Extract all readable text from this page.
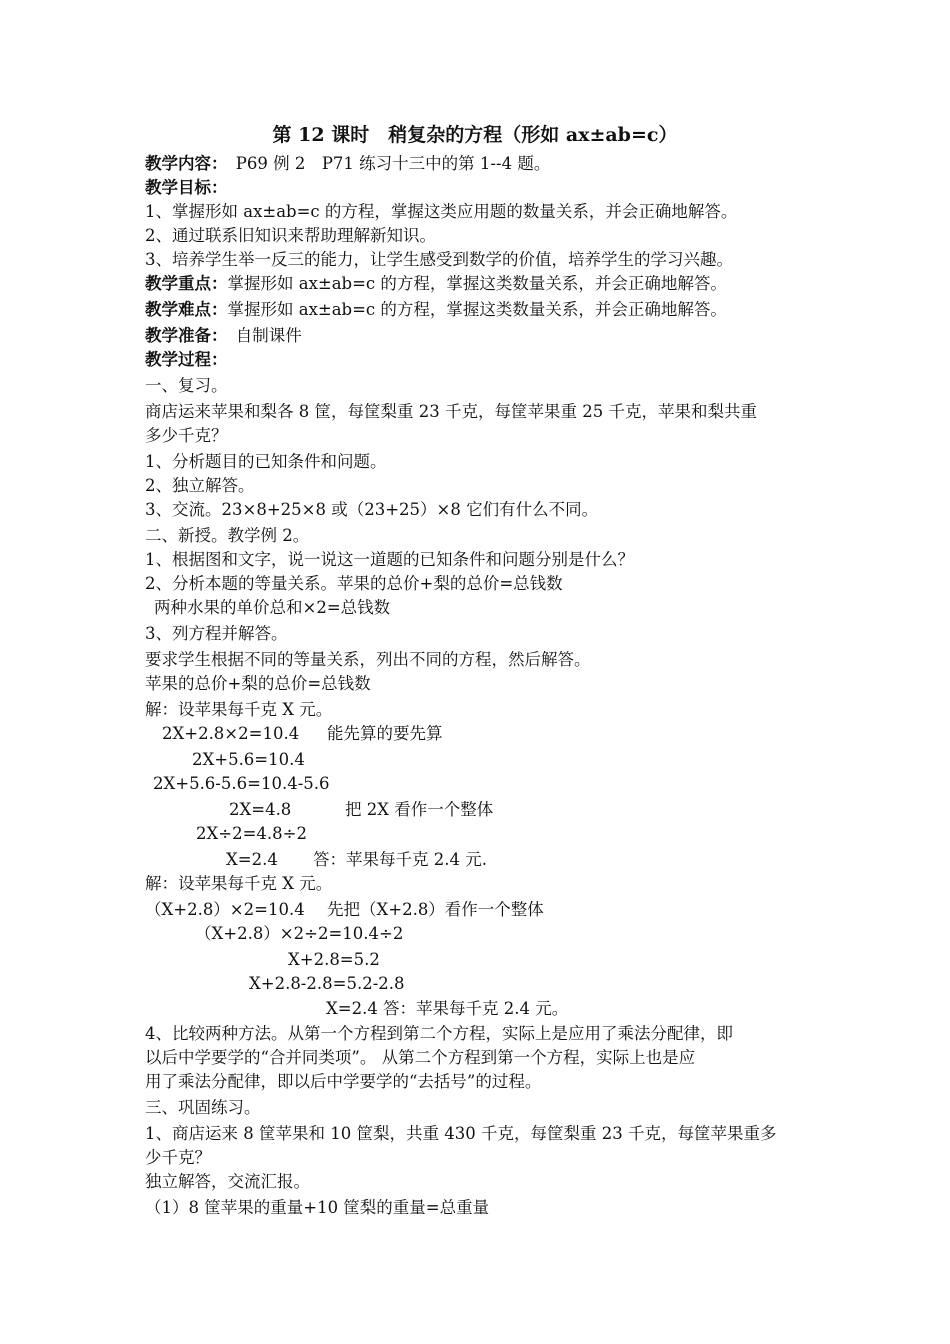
第 12 课时　稍复杂的方程（形如 ax±ab=c）
教学内容：　P69 例 2　P71 练习十三中的第 1--4 题。
教学目标：
1、掌握形如 ax±ab=c 的方程，掌握这类应用题的数量关系，并会正确地解答。
2、通过联系旧知识来帮助理解新知识。
3、培养学生举一反三的能力，让学生感受到数学的价值，培养学生的学习兴趣。
教学重点：掌握形如 ax±ab=c 的方程，掌握这类数量关系，并会正确地解答。
教学难点：掌握形如 ax±ab=c 的方程，掌握这类数量关系，并会正确地解答。
教学准备：　自制课件
教学过程：
一、复习。
商店运来苹果和梨各 8 筐，每筐梨重 23 千克，每筐苹果重 25 千克，苹果和梨共重
多少千克？
1、分析题目的已知条件和问题。
2、独立解答。
3、交流。23×8+25×8 或（23+25）×8 它们有什么不同。
二、新授。教学例 2。
1、根据图和文字，说一说这一道题的已知条件和问题分别是什么？
2、分析本题的等量关系。苹果的总价+梨的总价=总钱数
两种水果的单价总和×2=总钱数
3、列方程并解答。
要求学生根据不同的等量关系，列出不同的方程，然后解答。
苹果的总价+梨的总价=总钱数
解：设苹果每千克 X 元。
2X+2.8×2=10.4 能先算的要先算
2X+5.6=10.4
2X+5.6-5.6=10.4-5.6
2X=4.8	把 2X 看作一个整体
2X÷2=4.8÷2
X=2.4 答：苹果每千克 2.4 元.
解：设苹果每千克 X 元。
（X+2.8）×2=10.4 先把（X+2.8）看作一个整体
（X+2.8）×2÷2=10.4÷2
X+2.8=5.2
X+2.8-2.8=5.2-2.8
X=2.4 答：苹果每千克 2.4 元。
4、比较两种方法。从第一个方程到第二个方程，实际上是应用了乘法分配律，即
以后中学要学的“合并同类项”。 从第二个方程到第一个方程，实际上也是应
用了乘法分配律，即以后中学要学的“去括号”的过程。
三、巩固练习。
1、商店运来 8 筐苹果和 10 筐梨，共重 430 千克，每筐梨重 23 千克，每筐苹果重多
少千克？
独立解答，交流汇报。
（1）8 筐苹果的重量+10 筐梨的重量=总重量
